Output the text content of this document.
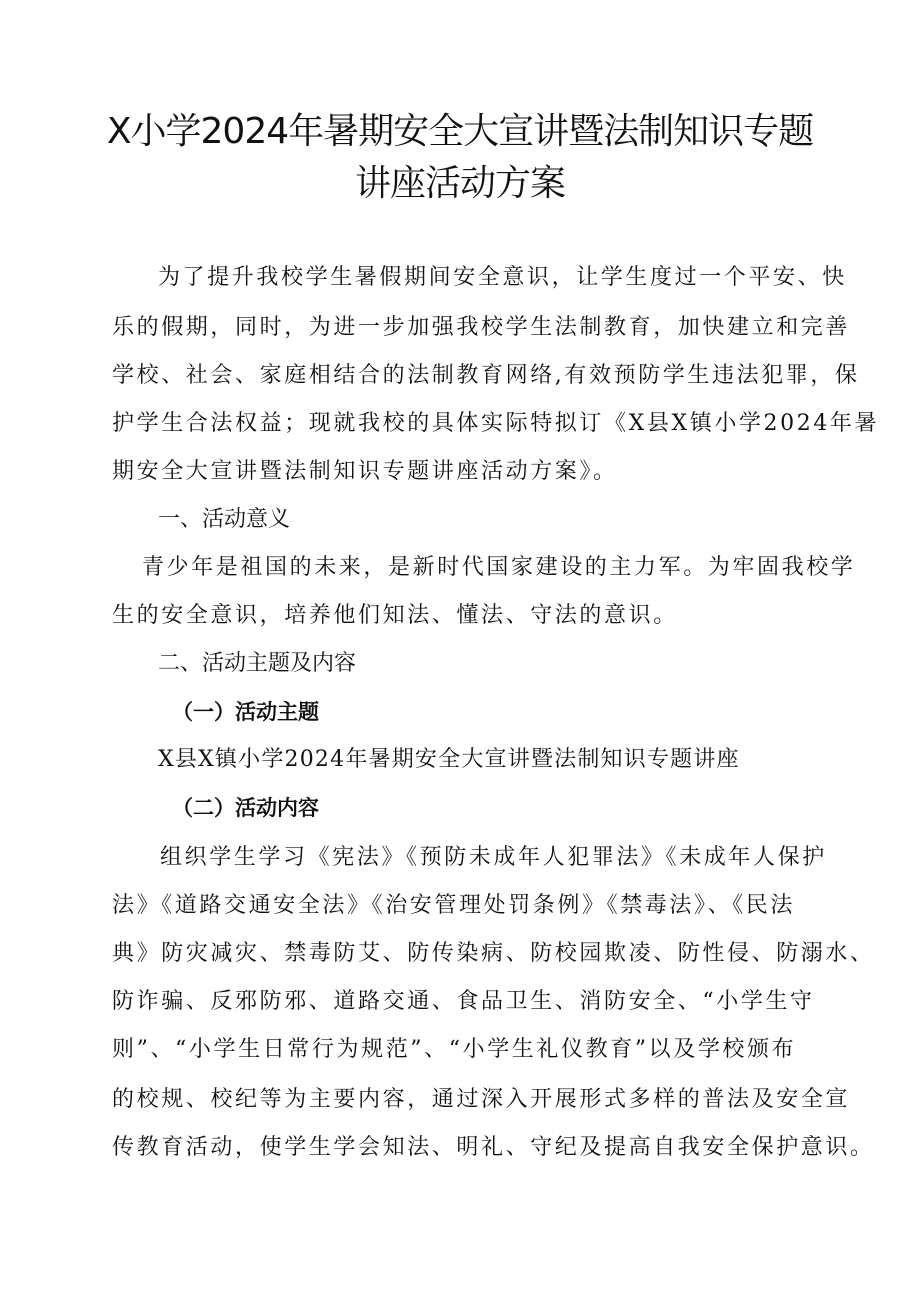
X小学2024年暑期安全大宣讲暨法制知识专题
讲座活动方案

为了提升我校学生暑假期间安全意识，让学生度过一个平安、快

乐的假期，同时，为进一步加强我校学生法制教育，加快建立和完善

学校、社会、家庭相结合的法制教育网络,有效预防学生违法犯罪，保

护学生合法权益；现就我校的具体实际特拟订《X县X镇小学2024年暑

期安全大宣讲暨法制知识专题讲座活动方案》。

一、活动意义

青少年是祖国的未来，是新时代国家建设的主力军。为牢固我校学

生的安全意识，培养他们知法、懂法、守法的意识。

二、活动主题及内容
（一）活动主题

X县X镇小学2024年暑期安全大宣讲暨法制知识专题讲座

（二）活动内容

组织学生学习《宪法》《预防未成年人犯罪法》《未成年人保护

法》《道路交通安全法》《治安管理处罚条例》《禁毒法》、《民法

典》防灾减灾、禁毒防艾、防传染病、防校园欺凌、防性侵、防溺水、

防诈骗、反邪防邪、道路交通、食品卫生、消防安全、“小学生守

则”、“小学生日常行为规范”、“小学生礼仪教育”以及学校颁布

的校规、校纪等为主要内容，通过深入开展形式多样的普法及安全宣

传教育活动，使学生学会知法、明礼、守纪及提高自我安全保护意识。
